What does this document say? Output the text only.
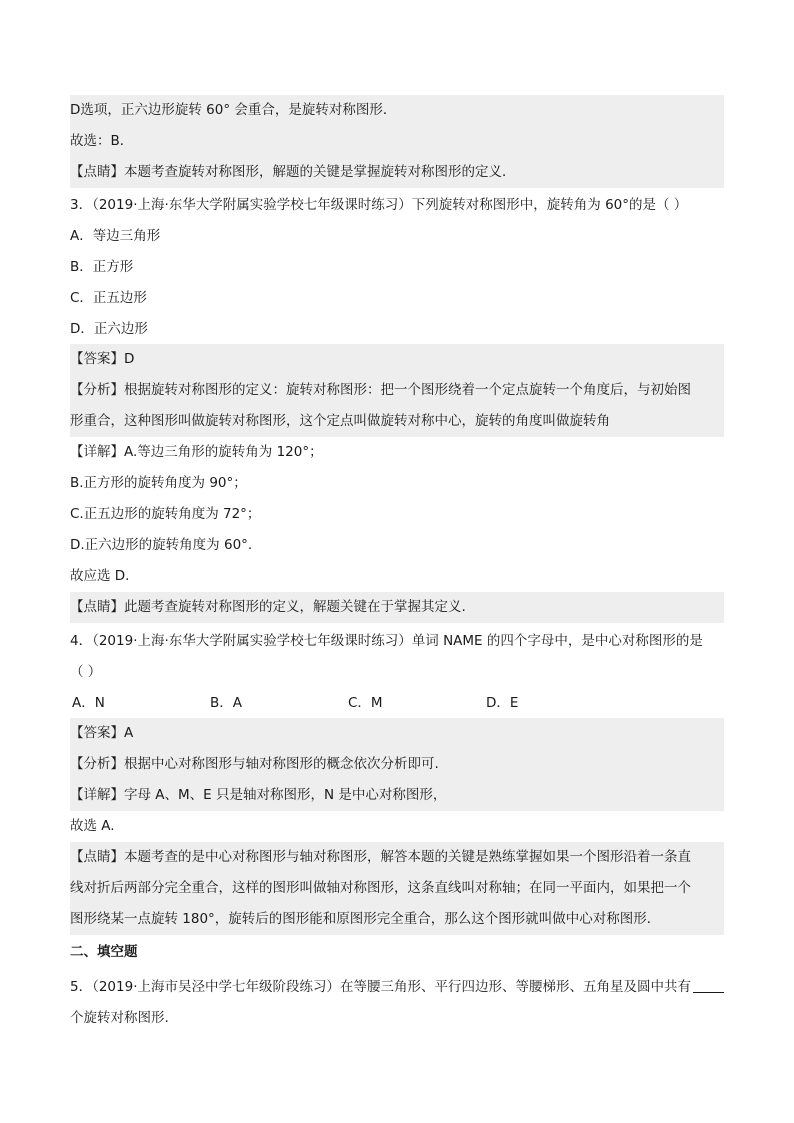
D选项，正六边形旋转 60° 会重合，是旋转对称图形．
故选：B．
【点睛】本题考查旋转对称图形，解题的关键是掌握旋转对称图形的定义．
3．（2019·上海·东华大学附属实验学校七年级课时练习）下列旋转对称图形中，旋转角为 60°的是（ ）
A．等边三角形
B．正方形
C．正五边形
D．正六边形
【答案】D
【分析】根据旋转对称图形的定义：旋转对称图形：把一个图形绕着一个定点旋转一个角度后，与初始图
形重合，这种图形叫做旋转对称图形，这个定点叫做旋转对称中心，旋转的角度叫做旋转角
【详解】A.等边三角形的旋转角为 120°；
B.正方形的旋转角度为 90°；
C.正五边形的旋转角度为 72°；
D.正六边形的旋转角度为 60°.
故应选 D.
【点睛】此题考查旋转对称图形的定义，解题关键在于掌握其定义.
4．（2019·上海·东华大学附属实验学校七年级课时练习）单词 NAME 的四个字母中，是中心对称图形的是
（ ）
A．N	B．A	C．M	D．E
【答案】A
【分析】根据中心对称图形与轴对称图形的概念依次分析即可.
【详解】字母 A、M、E 只是轴对称图形，N 是中心对称图形，
故选 A.
【点睛】本题考查的是中心对称图形与轴对称图形，解答本题的关键是熟练掌握如果一个图形沿着一条直
线对折后两部分完全重合，这样的图形叫做轴对称图形，这条直线叫对称轴；在同一平面内，如果把一个
图形绕某一点旋转 180°，旋转后的图形能和原图形完全重合，那么这个图形就叫做中心对称图形．
二、填空题
5．（2019·上海市吴泾中学七年级阶段练习）在等腰三角形、平行四边形、等腰梯形、五角星及圆中共有
个旋转对称图形.
